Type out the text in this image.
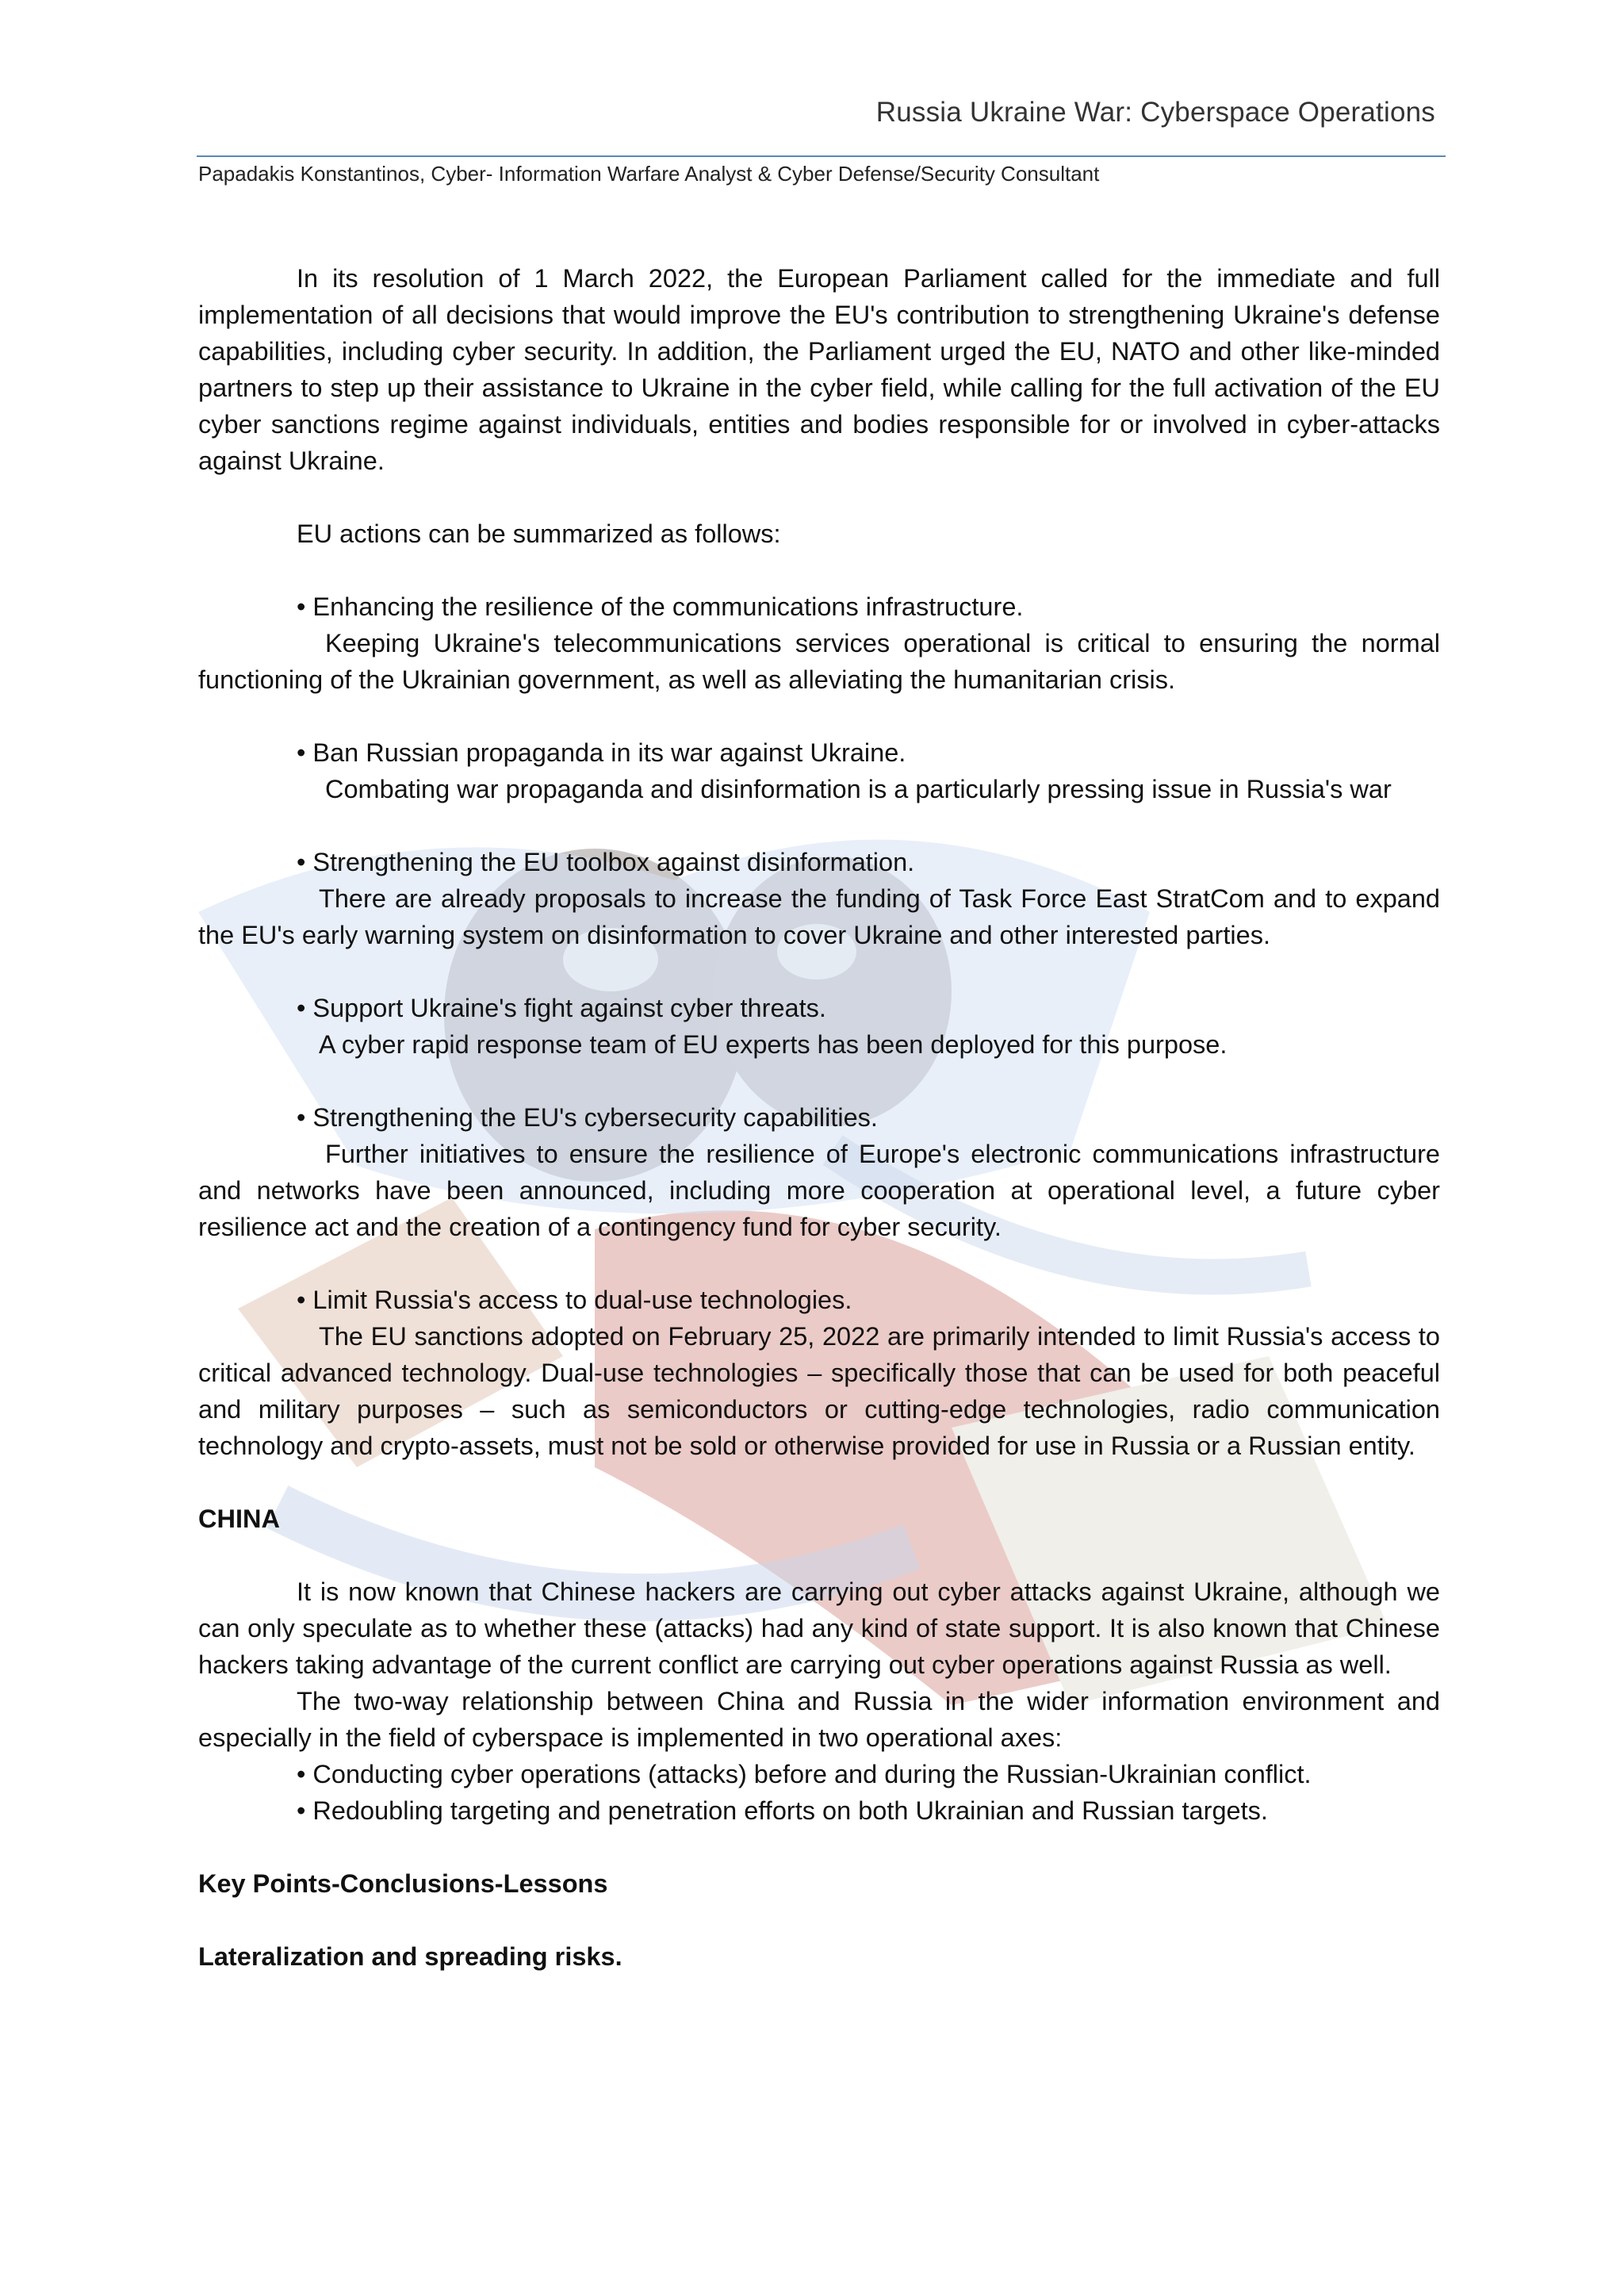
Russia Ukraine War: Cyberspace Operations
Papadakis Konstantinos, Cyber- Information Warfare Analyst & Cyber Defense/Security Consultant

In its resolution of 1 March 2022, the European Parliament called for the immediate and full implementation of all decisions that would improve the EU's contribution to strengthening Ukraine's defense capabilities, including cyber security. In addition, the Parliament urged the EU, NATO and other like-minded partners to step up their assistance to Ukraine in the cyber field, while calling for the full activation of the EU cyber sanctions regime against individuals, entities and bodies responsible for or involved in cyber-attacks against Ukraine.

EU actions can be summarized as follows:

• Enhancing the resilience of the communications infrastructure.

Keeping Ukraine's telecommunications services operational is critical to ensuring the normal functioning of the Ukrainian government, as well as alleviating the humanitarian crisis.

• Ban Russian propaganda in its war against Ukraine.

Combating war propaganda and disinformation is a particularly pressing issue in Russia's war

• Strengthening the EU toolbox against disinformation.

There are already proposals to increase the funding of Task Force East StratCom and to expand the EU's early warning system on disinformation to cover Ukraine and other interested parties.

• Support Ukraine's fight against cyber threats.

A cyber rapid response team of EU experts has been deployed for this purpose.

• Strengthening the EU's cybersecurity capabilities.

Further initiatives to ensure the resilience of Europe's electronic communications infrastructure and networks have been announced, including more cooperation at operational level, a future cyber resilience act and the creation of a contingency fund for cyber security.

• Limit Russia's access to dual-use technologies.

The EU sanctions adopted on February 25, 2022 are primarily intended to limit Russia's access to critical advanced technology. Dual-use technologies – specifically those that can be used for both peaceful and military purposes – such as semiconductors or cutting-edge technologies, radio communication technology and crypto-assets, must not be sold or otherwise provided for use in Russia or a Russian entity.

CHINA

It is now known that Chinese hackers are carrying out cyber attacks against Ukraine, although we can only speculate as to whether these (attacks) had any kind of state support. It is also known that Chinese hackers taking advantage of the current conflict are carrying out cyber operations against Russia as well.

The two-way relationship between China and Russia in the wider information environment and especially in the field of cyberspace is implemented in two operational axes:

• Conducting cyber operations (attacks) before and during the Russian-Ukrainian conflict.

• Redoubling targeting and penetration efforts on both Ukrainian and Russian targets.

Key Points-Conclusions-Lessons

Lateralization and spreading risks.
